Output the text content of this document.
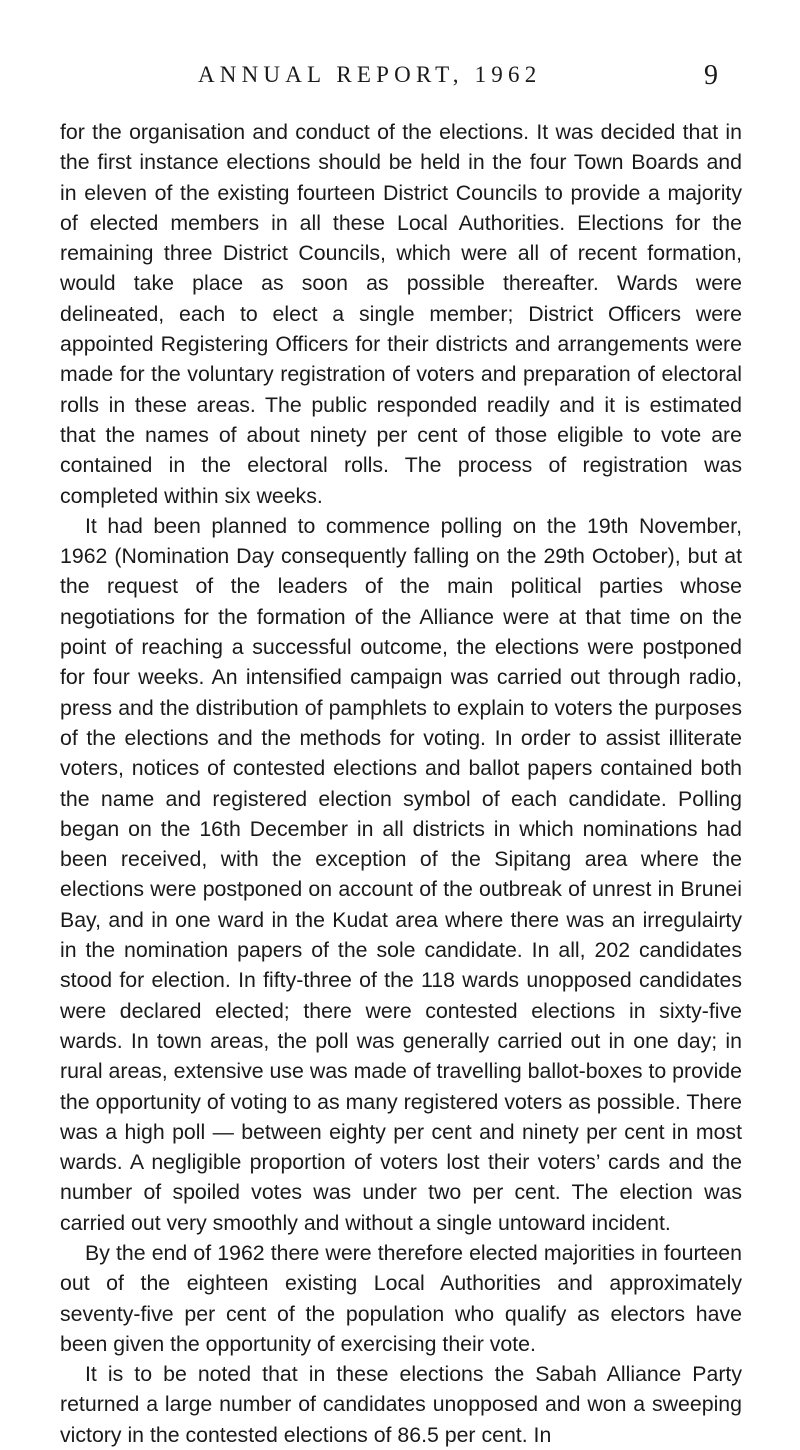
ANNUAL REPORT, 1962	9

for the organisation and conduct of the elections. It was decided that in the first instance elections should be held in the four Town Boards and in eleven of the existing fourteen District Councils to provide a majority of elected members in all these Local Authorities. Elections for the remaining three District Councils, which were all of recent formation, would take place as soon as possible thereafter. Wards were delineated, each to elect a single member; District Officers were appointed Registering Officers for their districts and arrangements were made for the voluntary registration of voters and preparation of electoral rolls in these areas. The public responded readily and it is estimated that the names of about ninety per cent of those eligible to vote are contained in the electoral rolls. The process of registration was completed within six weeks.

It had been planned to commence polling on the 19th November, 1962 (Nomination Day consequently falling on the 29th October), but at the request of the leaders of the main political parties whose negotiations for the formation of the Alliance were at that time on the point of reaching a successful outcome, the elections were postponed for four weeks. An intensified campaign was carried out through radio, press and the distribution of pamphlets to explain to voters the purposes of the elections and the methods for voting. In order to assist illiterate voters, notices of contested elections and ballot papers contained both the name and registered election symbol of each candidate. Polling began on the 16th December in all districts in which nominations had been received, with the exception of the Sipitang area where the elections were postponed on account of the outbreak of unrest in Brunei Bay, and in one ward in the Kudat area where there was an irregulairty in the nomination papers of the sole candidate. In all, 202 candidates stood for election. In fifty-three of the 118 wards unopposed candidates were declared elected; there were contested elections in sixty-five wards. In town areas, the poll was generally carried out in one day; in rural areas, extensive use was made of travelling ballot-boxes to provide the opportunity of voting to as many registered voters as possible. There was a high poll — between eighty per cent and ninety per cent in most wards. A negligible proportion of voters lost their voters’ cards and the number of spoiled votes was under two per cent. The election was carried out very smoothly and without a single untoward incident.

By the end of 1962 there were therefore elected majorities in fourteen out of the eighteen existing Local Authorities and approximately seventy-five per cent of the population who qualify as electors have been given the opportunity of exercising their vote.

It is to be noted that in these elections the Sabah Alliance Party returned a large number of candidates unopposed and won a sweeping victory in the contested elections of 86.5 per cent. In
